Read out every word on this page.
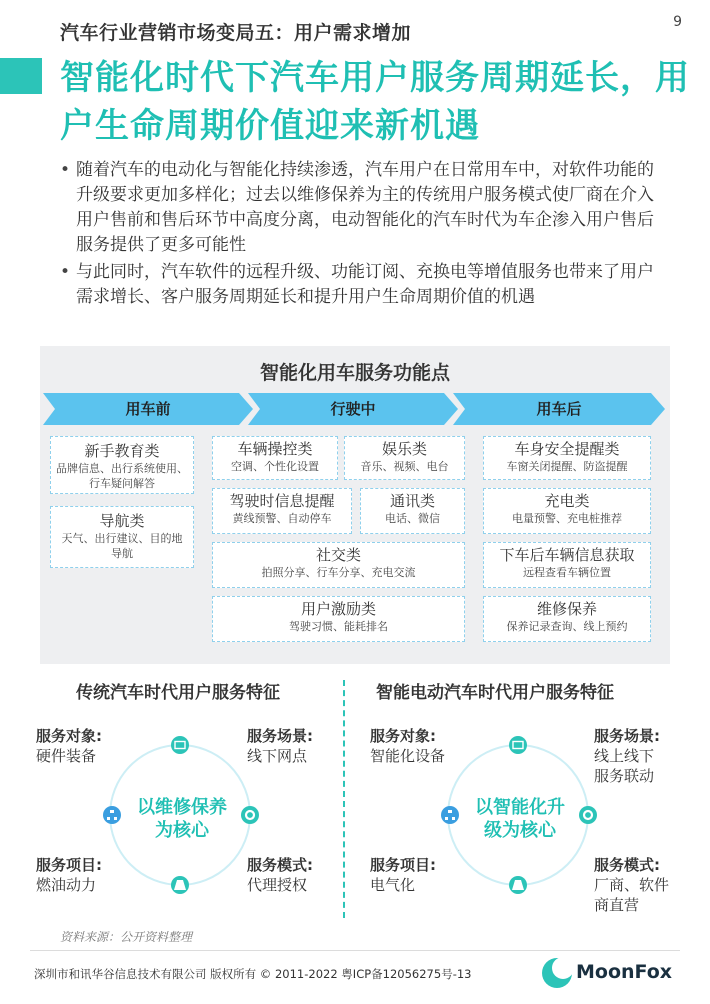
9
汽车行业营销市场变局五：用户需求增加
智能化时代下汽车用户服务周期延长，用户生命周期价值迎来新机遇
• 随着汽车的电动化与智能化持续渗透，汽车用户在日常用车中，对软件功能的升级要求更加多样化；过去以维修保养为主的传统用户服务模式使厂商在介入用户售前和售后环节中高度分离，电动智能化的汽车时代为车企渗入用户售后服务提供了更多可能性
• 与此同时，汽车软件的远程升级、功能订阅、充换电等增值服务也带来了用户需求增长、客户服务周期延长和提升用户生命周期价值的机遇
智能化用车服务功能点
用车前	行驶中	用车后
新手教育类
品牌信息、出行系统使用、行车疑问解答
导航类
天气、出行建议、目的地导航
车辆操控类
空调、个性化设置
娱乐类
音乐、视频、电台
驾驶时信息提醒
黄线预警、自动停车
通讯类
电话、微信
社交类
拍照分享、行车分享、充电交流
用户激励类
驾驶习惯、能耗排名
车身安全提醒类
车窗关闭提醒、防盗提醒
充电类
电量预警、充电桩推荐
下车后车辆信息获取
远程查看车辆位置
维修保养
保养记录查询、线上预约
传统汽车时代用户服务特征	智能电动汽车时代用户服务特征
以维修保养
为核心
服务对象:
硬件装备
服务场景:
线下网点
服务项目:
燃油动力
服务模式:
代理授权
以智能化升
级为核心
服务对象:
智能化设备
服务场景:
线上线下
服务联动
服务项目:
电气化
服务模式:
厂商、软件
商直营
资料来源：公开资料整理
深圳市和讯华谷信息技术有限公司 版权所有 © 2011-2022 粤ICP备12056275号-13	MoonFox
